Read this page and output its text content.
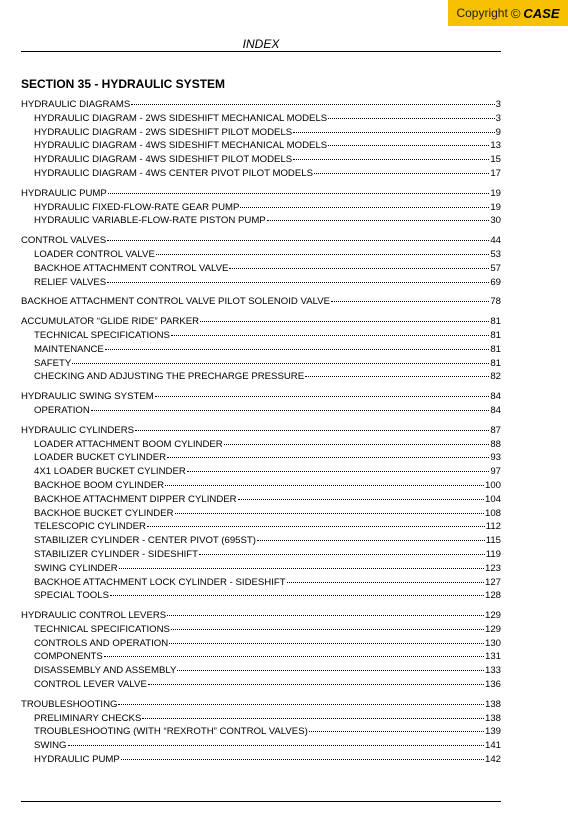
Copyright © CASE
INDEX
SECTION 35 - HYDRAULIC SYSTEM
HYDRAULIC DIAGRAMS	3
HYDRAULIC DIAGRAM - 2WS SIDESHIFT MECHANICAL MODELS	3
HYDRAULIC DIAGRAM - 2WS SIDESHIFT PILOT MODELS	9
HYDRAULIC DIAGRAM - 4WS SIDESHIFT MECHANICAL MODELS	13
HYDRAULIC DIAGRAM - 4WS SIDESHIFT PILOT MODELS	15
HYDRAULIC DIAGRAM - 4WS CENTER PIVOT PILOT MODELS	17
HYDRAULIC PUMP	19
HYDRAULIC FIXED-FLOW-RATE GEAR PUMP	19
HYDRAULIC VARIABLE-FLOW-RATE PISTON PUMP	30
CONTROL VALVES	44
LOADER CONTROL VALVE	53
BACKHOE ATTACHMENT CONTROL VALVE	57
RELIEF VALVES	69
BACKHOE ATTACHMENT CONTROL VALVE PILOT SOLENOID VALVE	78
ACCUMULATOR “GLIDE RIDE” PARKER	81
TECHNICAL SPECIFICATIONS	81
MAINTENANCE	81
SAFETY	81
CHECKING AND ADJUSTING THE PRECHARGE PRESSURE	82
HYDRAULIC SWING SYSTEM	84
OPERATION	84
HYDRAULIC CYLINDERS	87
LOADER ATTACHMENT BOOM CYLINDER	88
LOADER BUCKET CYLINDER	93
4X1 LOADER BUCKET CYLINDER	97
BACKHOE BOOM CYLINDER	100
BACKHOE ATTACHMENT DIPPER CYLINDER	104
BACKHOE BUCKET CYLINDER	108
TELESCOPIC CYLINDER	112
STABILIZER CYLINDER - CENTER PIVOT (695ST)	115
STABILIZER CYLINDER - SIDESHIFT	119
SWING CYLINDER	123
BACKHOE ATTACHMENT LOCK CYLINDER - SIDESHIFT	127
SPECIAL TOOLS	128
HYDRAULIC CONTROL LEVERS	129
TECHNICAL SPECIFICATIONS	129
CONTROLS AND OPERATION	130
COMPONENTS	131
DISASSEMBLY AND ASSEMBLY	133
CONTROL LEVER VALVE	136
TROUBLESHOOTING	138
PRELIMINARY CHECKS	138
TROUBLESHOOTING (WITH “REXROTH” CONTROL VALVES)	139
SWING	141
HYDRAULIC PUMP	142
